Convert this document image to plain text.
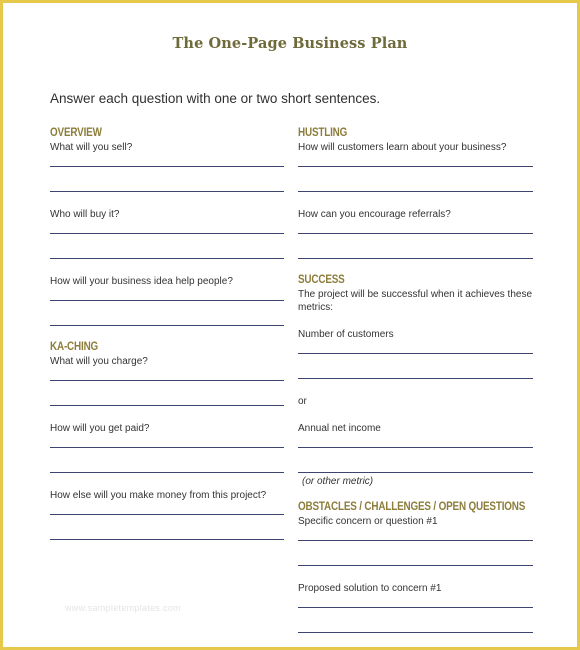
The One-Page Business Plan
Answer each question with one or two short sentences.
OVERVIEW
What will you sell?
Who will buy it?
How will your business idea help people?
KA-CHING
What will you charge?
How will you get paid?
How else will you make money from this project?
HUSTLING
How will customers learn about your business?
How can you encourage referrals?
SUCCESS
The project will be successful when it achieves these metrics:
Number of customers
or
Annual net income
(or other metric)
OBSTACLES / CHALLENGES / OPEN QUESTIONS
Specific concern or question #1
Proposed solution to concern #1
www.sampletemplates.com
